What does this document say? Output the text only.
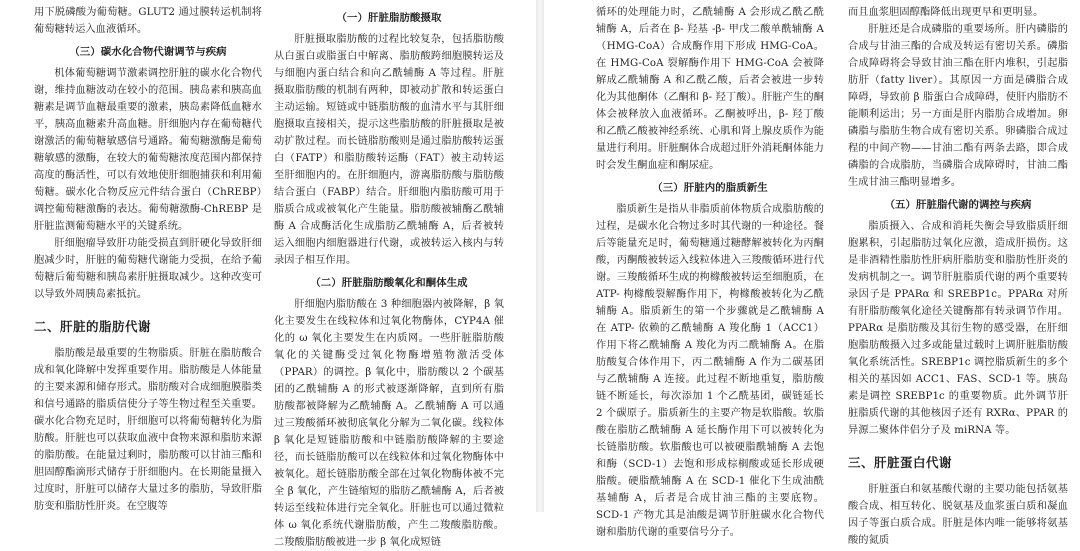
用下脱磷酸为葡萄糖。GLUT2 通过膜转运机制将葡萄糖转运入血液循环。

（三）碳水化合物代谢调节与疾病

机体葡萄糖调节激素调控肝脏的碳水化合物代谢，维持血糖波动在较小的范围。胰岛素和胰高血糖素是调节血糖最重要的激素，胰岛素降低血糖水平，胰高血糖素升高血糖。肝细胞内存在葡萄糖代谢激活的葡萄糖敏感信号通路。葡萄糖激酶是葡萄糖敏感的激酶，在较大的葡萄糖浓度范围内都保持高度的酶活性，可以有效地使肝细胞捕获和利用葡萄糖。碳水化合物反应元件结合蛋白（ChREBP）调控葡萄糖激酶的表达。葡萄糖激酶-ChREBP 是肝脏监测葡萄糖水平的关键系统。

肝细胞瘤导致肝功能受损直到肝硬化导致肝细胞减少时，肝脏的葡萄糖代谢能力受损，在给予葡萄糖后葡萄糖和胰岛素肝脏摄取减少。这种改变可以导致外周胰岛素抵抗。

二、肝脏的脂肪代谢

脂肪酸是最重要的生物脂质。肝脏在脂肪酸合成和氧化降解中发挥重要作用。脂肪酸是人体能量的主要来源和储存形式。脂肪酸对合成细胞膜脂类和信号通路的脂质信使分子等生物过程至关重要。碳水化合物充足时，肝细胞可以将葡萄糖转化为脂肪酸。肝脏也可以获取血液中食物来源和脂肪来源的脂肪酸。在能量过剩时，脂肪酸可以甘油三酯和胆固醇酯滴形式储存于肝细胞内。在长期能量摄入过度时，肝脏可以储存大量过多的脂肪，导致肝脂肪变和脂肪性肝炎。在空腹等

（一）肝脏脂肪酸摄取

肝脏摄取脂肪酸的过程比较复杂，包括脂肪酸从白蛋白或脂蛋白中解离、脂肪酸跨细胞膜转运及与细胞内蛋白结合和向乙酰辅酶 A 等过程。肝脏摄取脂肪酸的机制有两种，即被动扩散和转运蛋白主动运输。短链或中链脂肪酸的血清水平与其肝细胞摄取直接相关，提示这些脂肪酸的肝脏摄取是被动扩散过程。而长链脂肪酸则是通过脂肪酸转运蛋白（FATP）和脂肪酸转运酶（FAT）被主动转运至肝细胞内的。在肝细胞内，游离脂肪酸与脂肪酸结合蛋白（FABP）结合。肝细胞内脂肪酸可用于脂质合成或被氧化产生能量。脂肪酸被辅酶乙酰辅酶 A 合成酶活化生成脂肪乙酰辅酶 A，后者被转运入细胞内细胞器进行代谢，或被转运入核内与转录因子相互作用。

（二）肝脏脂肪酸氧化和酮体生成

肝细胞内脂肪酸在 3 种细胞器内被降解，β 氧化主要发生在线粒体和过氧化物酶体，CYP4A 催化的 ω 氧化主要发生在内质网。一些肝脏脂肪酸氧化的关键酶受过氧化物酶增殖物激活受体（PPAR）的调控。β 氧化中，脂肪酸以 2 个碳基团的乙酰辅酶 A 的形式被逐渐降解，直到所有脂肪酸都被降解为乙酰辅酶 A。乙酰辅酶 A 可以通过三羧酸循环被彻底氧化分解为二氧化碳。线粒体 β 氧化是短链脂肪酸和中链脂肪酸降解的主要途径，而长链脂肪酸可以在线粒体和过氧化物酶体中被氧化。超长链脂肪酸全部在过氧化物酶体被不完全 β 氧化，产生链缩短的脂肪乙酰辅酶 A，后者被转运至线粒体进行完全氧化。肝脏也可以通过微粒体 ω 氧化系统代谢脂肪酸，产生二羧酸脂肪酸。二羧酸脂肪酸被进一步 β 氧化成短链

循环的处理能力时，乙酰辅酶 A 会形成乙酰乙酰辅酶 A，后者在 β- 羟基 -β- 甲戊二酸单酰辅酶 A（HMG-CoA）合成酶作用下形成 HMG-CoA。在 HMG-CoA 裂解酶作用下 HMG-CoA 会被降解成乙酰辅酶 A 和乙酰乙酸，后者会被进一步转化为其他酮体（乙酮和 β- 羟丁酸）。肝脏产生的酮体会被释放入血液循环。乙酮被呼出，β- 羟丁酸和乙酰乙酸被神经系统、心肌和肾上腺皮质作为能量进行利用。肝脏酮体合成超过肝外消耗酮体能力时会发生酮血症和酮尿症。

（三）肝脏内的脂质新生

脂质新生是指从非脂质前体物质合成脂肪酸的过程，是碳水化合物过多时其代谢的一种途径。餐后等能量充足时，葡萄糖通过糖酵解被转化为丙酮酸，丙酮酸被转运入线粒体进入三羧酸循环进行代谢。三羧酸循环生成的枸橼酸被转运至细胞质，在 ATP- 枸橼酸裂解酶作用下，枸橼酸被转化为乙酰辅酶 A。脂质新生的第一个步骤就是乙酰辅酶 A 在 ATP- 依赖的乙酰辅酶 A 羧化酶 1（ACC1）作用下将乙酰辅酶 A 羧化为丙二酰辅酶 A。在脂肪酸复合体作用下，丙二酰辅酶 A 作为二碳基团与乙酰辅酶 A 连接。此过程不断地重复，脂肪酸链不断延长，每次添加 1 个乙酰基团，碳链延长 2 个碳原子。脂质新生的主要产物是软脂酸。软脂酸在脂肪乙酰辅酶 A 延长酶作用下可以被转化为长链脂肪酸。软脂酸也可以被硬脂酰辅酶 A 去饱和酶（SCD-1）去饱和形成棕榈酸或延长形成硬脂酸。硬脂酰辅酶 A 在 SCD-1 催化下生成油酰基辅酶 A，后者是合成甘油三酯的主要底物。SCD-1 产物尤其是油酸是调节肝脏碳水化合物代谢和脂肪代谢的重要信号分子。

而且血浆胆固醇酯降低出现更早和更明显。

肝脏还是合成磷脂的重要场所。肝内磷脂的合成与甘油三酯的合成及转运有密切关系。磷脂合成障碍将会导致甘油三酯在肝内堆积，引起脂肪肝（fatty liver）。其原因一方面是磷脂合成障碍，导致前 β 脂蛋白合成障碍，使肝内脂肪不能顺利运出；另一方面是肝内脂肪合成增加。卵磷脂与脂肪生物合成有密切关系。卵磷脂合成过程的中间产物——甘油二酯有两条去路，即合成磷脂的合成脂肪，当磷脂合成障碍时，甘油二酯生成甘油三酯明显增多。

（五）肝脏脂代谢的调控与疾病

脂质摄入、合成和消耗失衡会导致脂质肝细胞累积，引起脂肪过氧化应激，造成肝损伤。这是非酒精性脂肪性肝病肝脂肪变和脂肪性肝炎的发病机制之一。调节肝脏脂质代谢的两个重要转录因子是 PPARα 和 SREBP1c。PPARα 对所有肝脂肪酸氧化途径关键酶都有转录调节作用。PPARα 是脂肪酸及其衍生物的感受器，在肝细胞脂肪酸摄入过多或能量过载时上调肝脏脂肪酸氧化系统活性。SREBP1c 调控脂质新生的多个相关的基因如 ACC1、FAS、SCD-1 等。胰岛素是调控 SREBP1c 的重要物质。此外调节肝脏脂质代谢的其他核因子还有 RXRα、PPAR 的异源二聚体伴侣分子及 miRNA 等。

三、肝脏蛋白代谢

肝脏蛋白和氨基酸代谢的主要功能包括氨基酸合成、相互转化、脱氨基及血浆蛋白质和凝血因子等蛋白质合成。肝脏是体内唯一能够将氨基酸的氮质
